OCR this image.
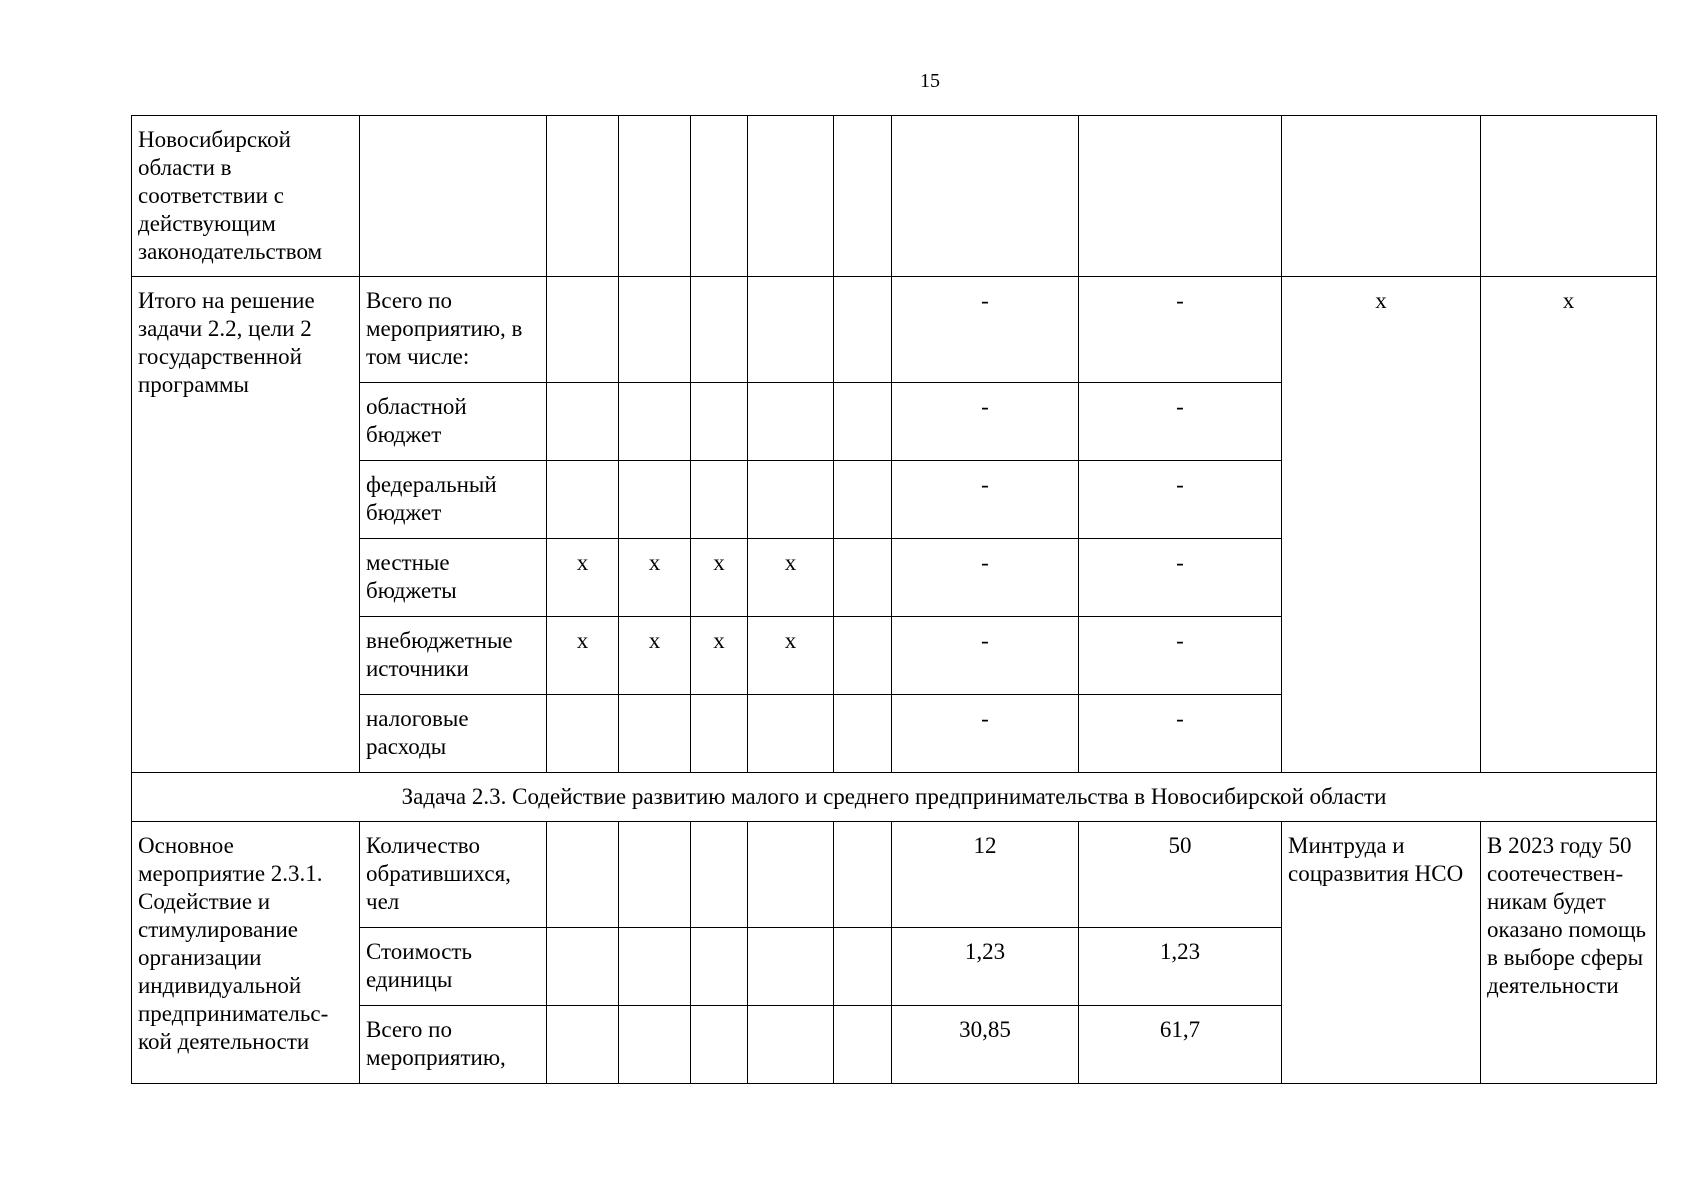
15
Новосибирской области в соответствии с действующим законодательством										
Итого на решение задачи 2.2, цели 2 государственной программы	Всего по мероприятию, в том числе:						-	-	x	x
	областной бюджет						-	-		
	федеральный бюджет						-	-		
	местные бюджеты	x	x	x	x		-	-		
	внебюджетные источники	x	x	x	x		-	-		
	налоговые расходы						-	-		
Задача 2.3. Содействие развитию малого и среднего предпринимательства в Новосибирской области										
Основное мероприятие 2.3.1. Содействие и стимулирование организации индивидуальной предпринимательс-кой деятельности	Количество обратившихся, чел						12	50	Минтруда и соцразвития НСО	В 2023 году 50 соотечествен-никам будет оказано помощь в выборе сферы деятельности
	Стоимость единицы						1,23	1,23		
	Всего по мероприятию,						30,85	61,7		
